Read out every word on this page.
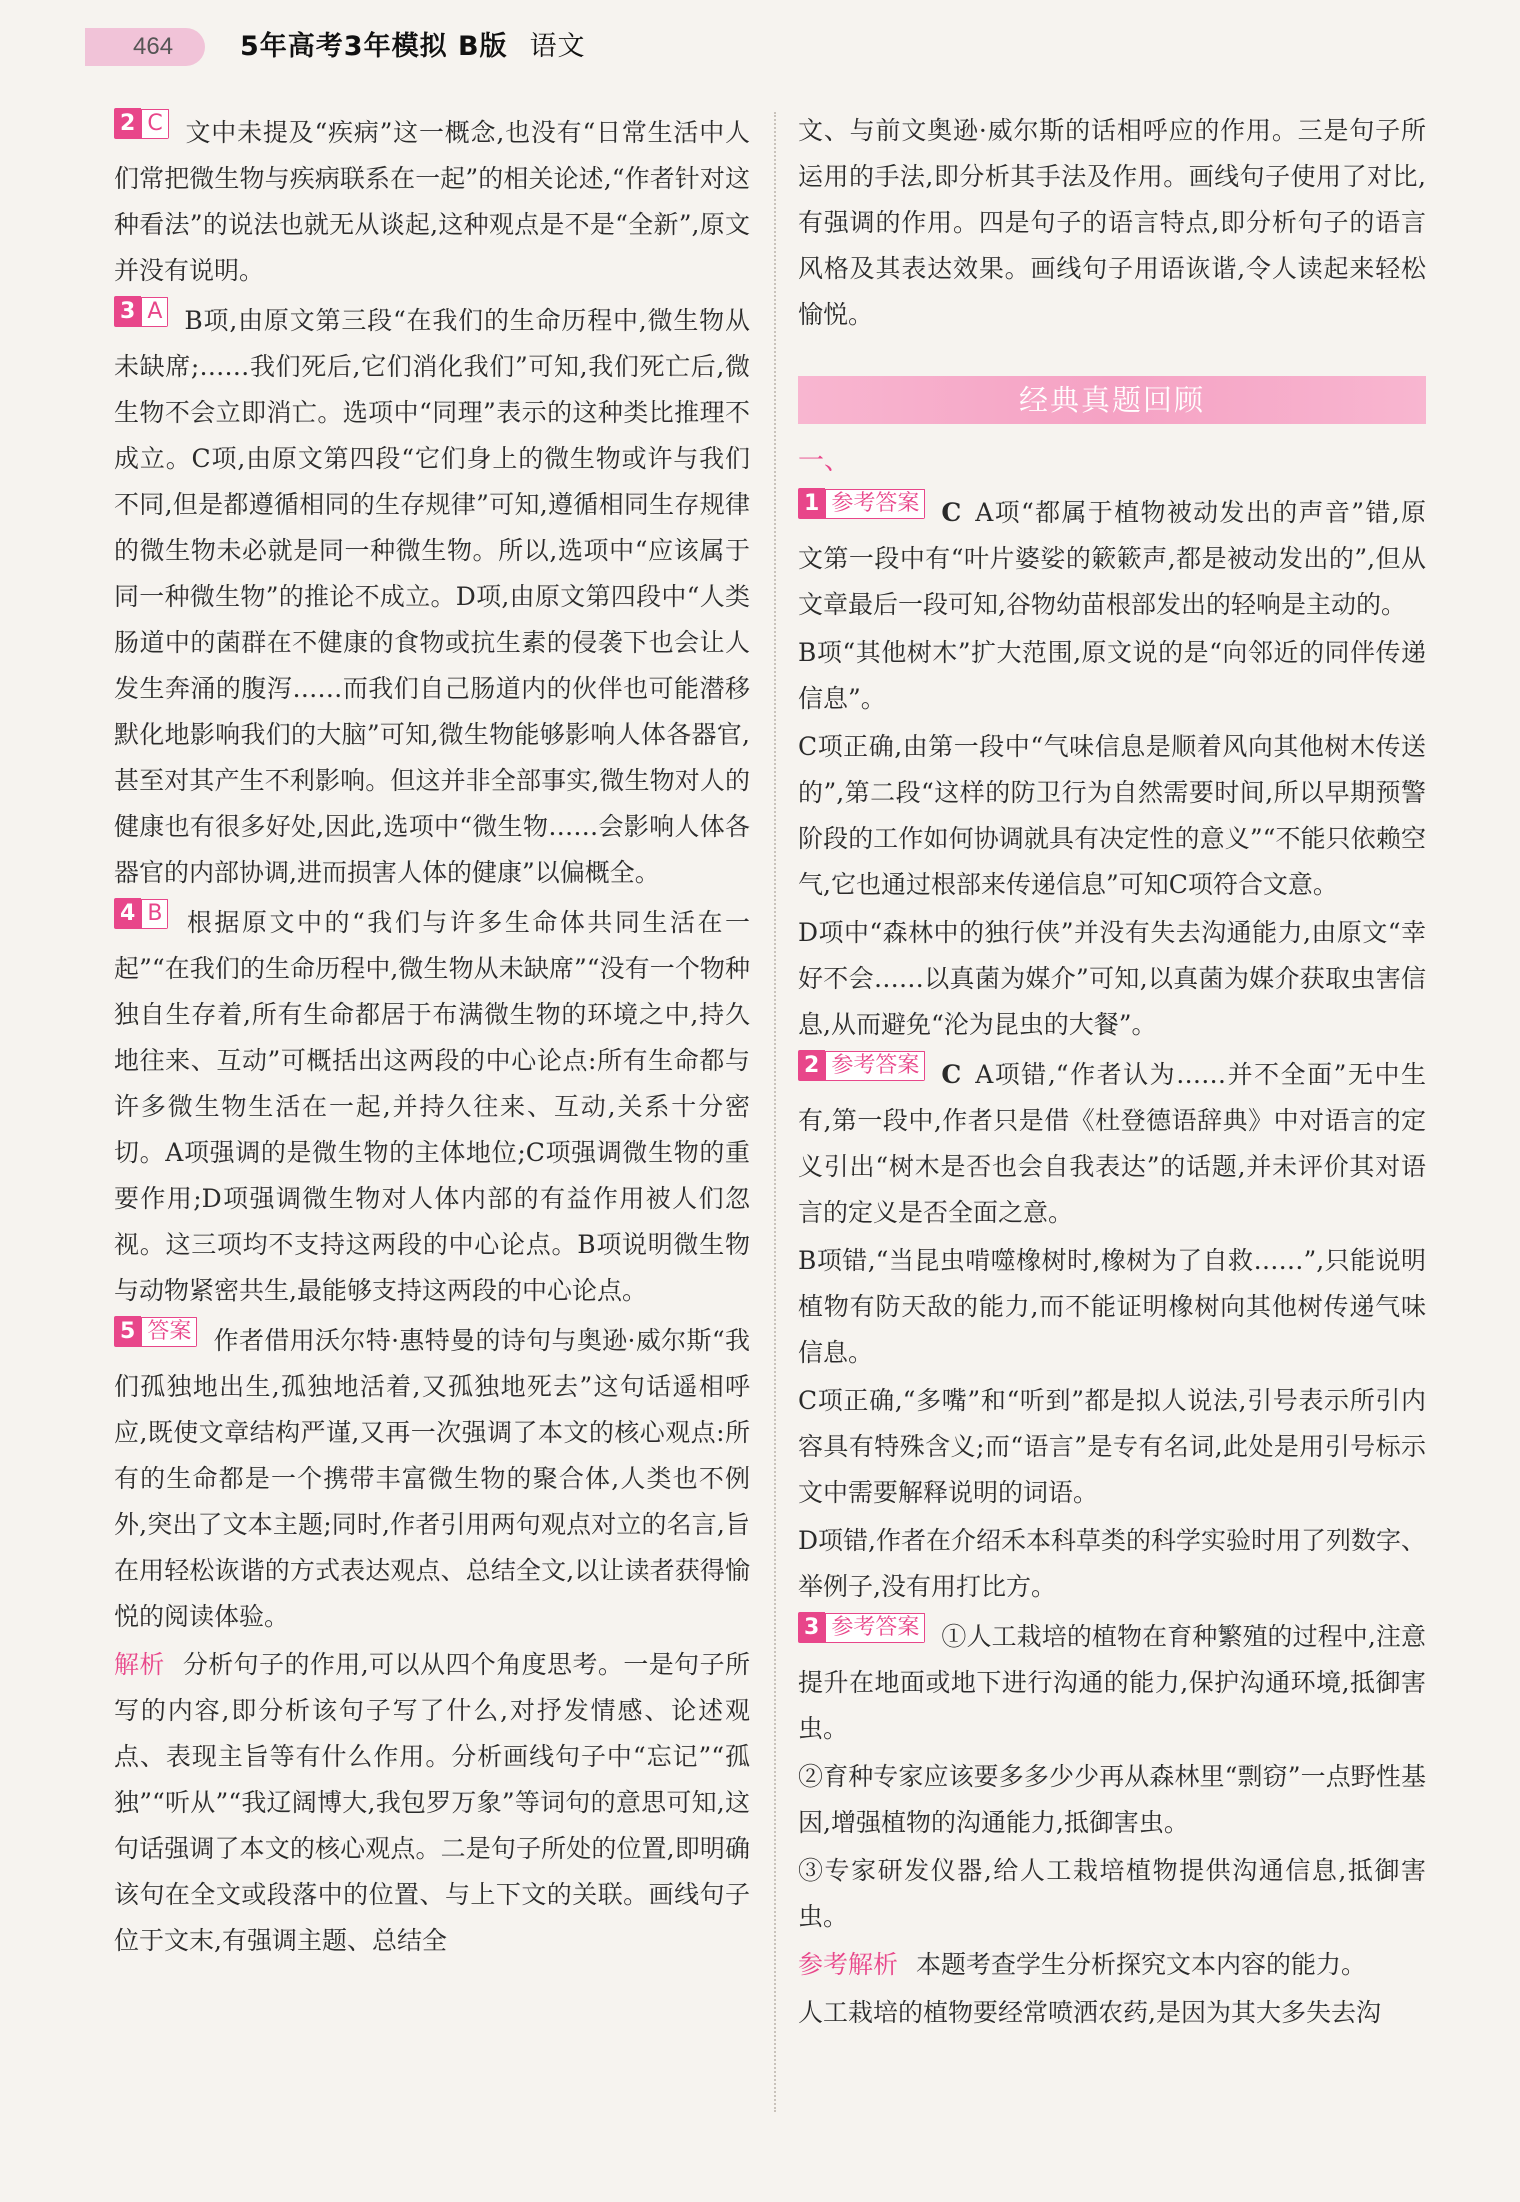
464	5年高考3年模拟 B版 语文

2 C 文中未提及“疾病”这一概念,也没有“日常生活中人们常把微生物与疾病联系在一起”的相关论述,“作者针对这种看法”的说法也就无从谈起,这种观点是不是“全新”,原文并没有说明。

3 A B项,由原文第三段“在我们的生命历程中,微生物从未缺席;……我们死后,它们消化我们”可知,我们死亡后,微生物不会立即消亡。选项中“同理”表示的这种类比推理不成立。C项,由原文第四段“它们身上的微生物或许与我们不同,但是都遵循相同的生存规律”可知,遵循相同生存规律的微生物未必就是同一种微生物。所以,选项中“应该属于同一种微生物”的推论不成立。D项,由原文第四段中“人类肠道中的菌群在不健康的食物或抗生素的侵袭下也会让人发生奔涌的腹泻……而我们自己肠道内的伙伴也可能潜移默化地影响我们的大脑”可知,微生物能够影响人体各器官,甚至对其产生不利影响。但这并非全部事实,微生物对人的健康也有很多好处,因此,选项中“微生物……会影响人体各器官的内部协调,进而损害人体的健康”以偏概全。

4 B 根据原文中的“我们与许多生命体共同生活在一起”“在我们的生命历程中,微生物从未缺席”“没有一个物种独自生存着,所有生命都居于布满微生物的环境之中,持久地往来、互动”可概括出这两段的中心论点:所有生命都与许多微生物生活在一起,并持久往来、互动,关系十分密切。A项强调的是微生物的主体地位;C项强调微生物的重要作用;D项强调微生物对人体内部的有益作用被人们忽视。这三项均不支持这两段的中心论点。B项说明微生物与动物紧密共生,最能够支持这两段的中心论点。

5 答案 作者借用沃尔特·惠特曼的诗句与奥逊·威尔斯“我们孤独地出生,孤独地活着,又孤独地死去”这句话遥相呼应,既使文章结构严谨,又再一次强调了本文的核心观点:所有的生命都是一个携带丰富微生物的聚合体,人类也不例外,突出了文本主题;同时,作者引用两句观点对立的名言,旨在用轻松诙谐的方式表达观点、总结全文,以让读者获得愉悦的阅读体验。

解析 分析句子的作用,可以从四个角度思考。一是句子所写的内容,即分析该句子写了什么,对抒发情感、论述观点、表现主旨等有什么作用。分析画线句子中“忘记”“孤独”“听从”“我辽阔博大,我包罗万象”等词句的意思可知,这句话强调了本文的核心观点。二是句子所处的位置,即明确该句在全文或段落中的位置、与上下文的关联。画线句子位于文末,有强调主题、总结全

文、与前文奥逊·威尔斯的话相呼应的作用。三是句子所运用的手法,即分析其手法及作用。画线句子使用了对比,有强调的作用。四是句子的语言特点,即分析句子的语言风格及其表达效果。画线句子用语诙谐,令人读起来轻松愉悦。

经典真题回顾
一、

1 参考答案 C A项“都属于植物被动发出的声音”错,原文第一段中有“叶片婆娑的簌簌声,都是被动发出的”,但从文章最后一段可知,谷物幼苗根部发出的轻响是主动的。

B项“其他树木”扩大范围,原文说的是“向邻近的同伴传递信息”。

C项正确,由第一段中“气味信息是顺着风向其他树木传送的”,第二段“这样的防卫行为自然需要时间,所以早期预警阶段的工作如何协调就具有决定性的意义”“不能只依赖空气,它也通过根部来传递信息”可知C项符合文意。

D项中“森林中的独行侠”并没有失去沟通能力,由原文“幸好不会……以真菌为媒介”可知,以真菌为媒介获取虫害信息,从而避免“沦为昆虫的大餐”。

2 参考答案 C A项错,“作者认为……并不全面”无中生有,第一段中,作者只是借《杜登德语辞典》中对语言的定义引出“树木是否也会自我表达”的话题,并未评价其对语言的定义是否全面之意。

B项错,“当昆虫啃噬橡树时,橡树为了自救……”,只能说明植物有防天敌的能力,而不能证明橡树向其他树传递气味信息。

C项正确,“多嘴”和“听到”都是拟人说法,引号表示所引内容具有特殊含义;而“语言”是专有名词,此处是用引号标示文中需要解释说明的词语。

D项错,作者在介绍禾本科草类的科学实验时用了列数字、举例子,没有用打比方。

3 参考答案 ①人工栽培的植物在育种繁殖的过程中,注意提升在地面或地下进行沟通的能力,保护沟通环境,抵御害虫。

②育种专家应该要多多少少再从森林里“剽窃”一点野性基因,增强植物的沟通能力,抵御害虫。

③专家研发仪器,给人工栽培植物提供沟通信息,抵御害虫。

参考解析 本题考查学生分析探究文本内容的能力。

人工栽培的植物要经常喷洒农药,是因为其大多失去沟
